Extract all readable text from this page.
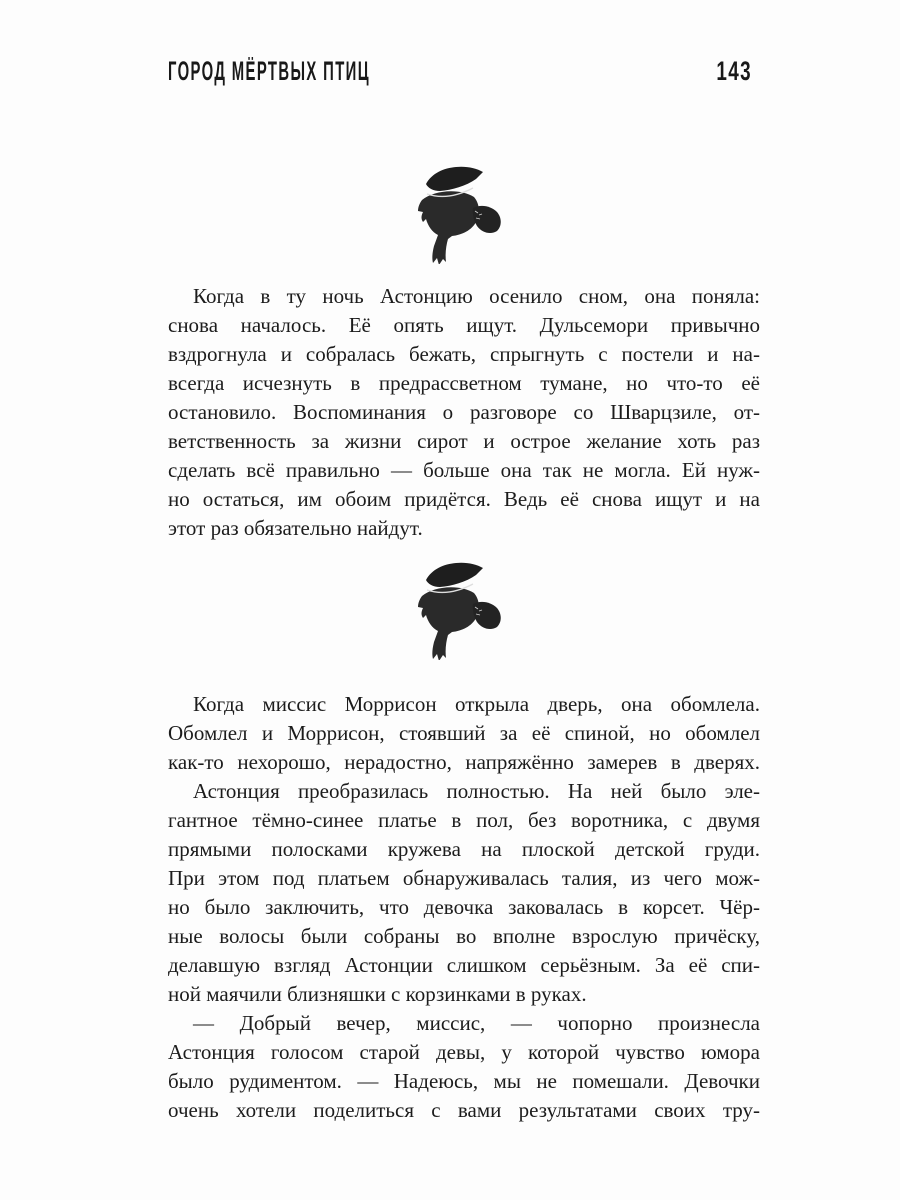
ГОРОД МЁРТВЫХ ПТИЦ	143
Когда в ту ночь Астонцию осенило сном, она поняла:
снова началось. Её опять ищут. Дульсемори привычно
вздрогнула и собралась бежать, спрыгнуть с постели и на-
всегда исчезнуть в предрассветном тумане, но что-то её
остановило. Воспоминания о разговоре со Шварцзиле, от-
ветственность за жизни сирот и острое желание хоть раз
сделать всё правильно — больше она так не могла. Ей нуж-
но остаться, им обоим придётся. Ведь её снова ищут и на
этот раз обязательно найдут.
Когда миссис Моррисон открыла дверь, она обомлела.
Обомлел и Моррисон, стоявший за её спиной, но обомлел
как-то нехорошо, нерадостно, напряжённо замерев в дверях.
Астонция преобразилась полностью. На ней было эле-
гантное тёмно-синее платье в пол, без воротника, с двумя
прямыми полосками кружева на плоской детской груди.
При этом под платьем обнаруживалась талия, из чего мож-
но было заключить, что девочка заковалась в корсет. Чёр-
ные волосы были собраны во вполне взрослую причёску,
делавшую взгляд Астонции слишком серьёзным. За её спи-
ной маячили близняшки с корзинками в руках.
— Добрый вечер, миссис, — чопорно произнесла
Астонция голосом старой девы, у которой чувство юмора
было рудиментом. — Надеюсь, мы не помешали. Девочки
очень хотели поделиться с вами результатами своих тру-
